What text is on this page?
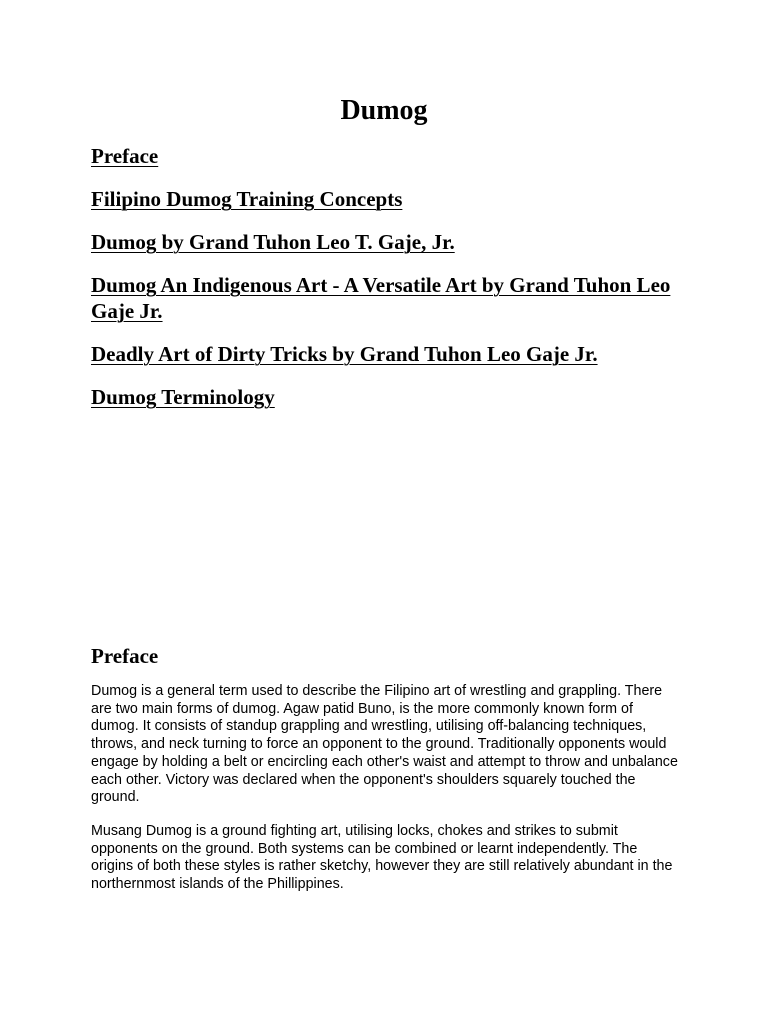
Dumog
Preface
Filipino Dumog Training Concepts
Dumog by Grand Tuhon Leo T. Gaje, Jr.
Dumog An Indigenous Art - A Versatile Art by Grand Tuhon Leo Gaje Jr.
Deadly Art of Dirty Tricks by Grand Tuhon Leo Gaje Jr.
Dumog Terminology
Preface

Dumog is a general term used to describe the Filipino art of wrestling and grappling. There are two main forms of dumog. Agaw patid Buno, is the more commonly known form of dumog. It consists of standup grappling and wrestling, utilising off-balancing techniques, throws, and neck turning to force an opponent to the ground. Traditionally opponents would engage by holding a belt or encircling each other's waist and attempt to throw and unbalance each other. Victory was declared when the opponent's shoulders squarely touched the ground.

Musang Dumog is a ground fighting art, utilising locks, chokes and strikes to submit opponents on the ground. Both systems can be combined or learnt independently. The origins of both these styles is rather sketchy, however they are still relatively abundant in the northernmost islands of the Phillippines.
